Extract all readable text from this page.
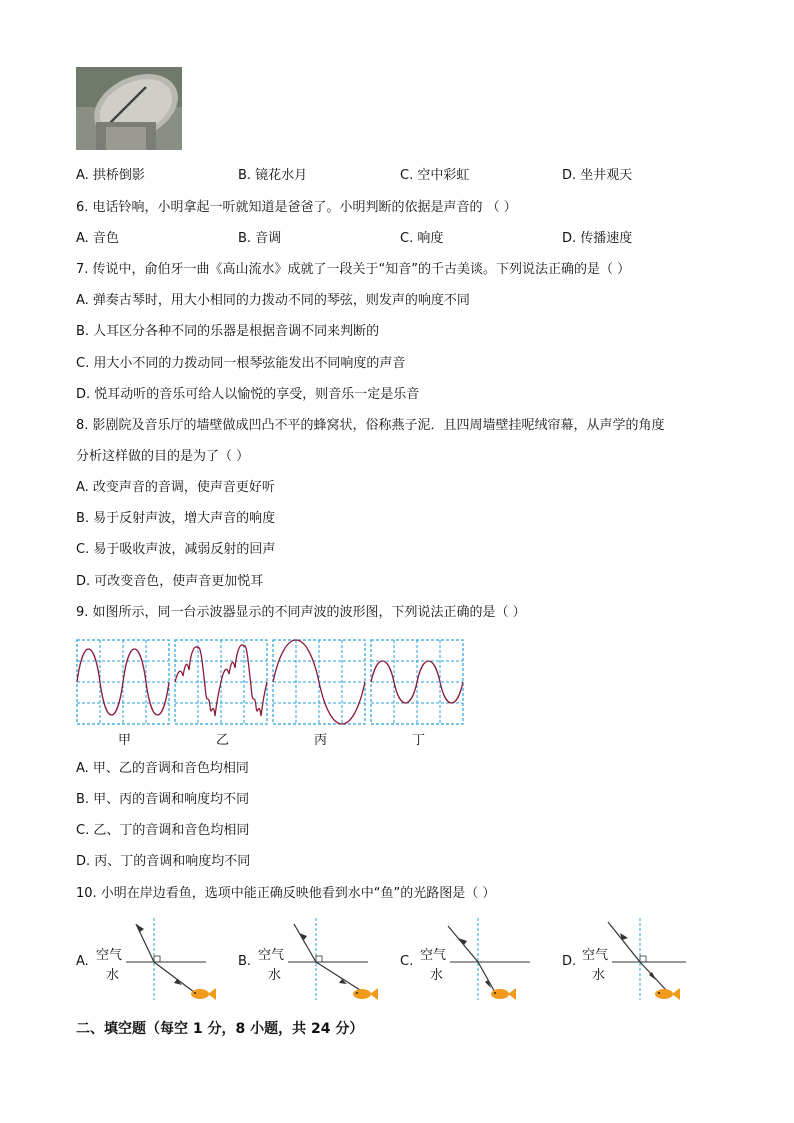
A. 拱桥倒影	B. 镜花水月	C. 空中彩虹	D. 坐井观天
6. 电话铃响，小明拿起一听就知道是爸爸了。小明判断的依据是声音的 （ ）
A. 音色	B. 音调	C. 响度	D. 传播速度
7. 传说中，俞伯牙一曲《高山流水》成就了一段关于“知音”的千古美谈。下列说法正确的是（ ）
A. 弹奏古琴时，用大小相同的力拨动不同的琴弦，则发声的响度不同
B. 人耳区分各种不同的乐器是根据音调不同来判断的
C. 用大小不同的力拨动同一根琴弦能发出不同响度的声音
D. 悦耳动听的音乐可给人以愉悦的享受，则音乐一定是乐音
8. 影剧院及音乐厅的墙壁做成凹凸不平的蜂窝状，俗称燕子泥．且四周墙壁挂呢绒帘幕，从声学的角度
分析这样做的目的是为了（ ）
A. 改变声音的音调，使声音更好听
B. 易于反射声波，增大声音的响度
C. 易于吸收声波，减弱反射的回声
D. 可改变音色，使声音更加悦耳
9. 如图所示，同一台示波器显示的不同声波的波形图，下列说法正确的是（ ）
甲	乙	丙	丁
A. 甲、乙的音调和音色均相同
B. 甲、丙的音调和响度均不同
C. 乙、丁的音调和音色均相同
D. 丙、丁的音调和响度均不同
10. 小明在岸边看鱼，选项中能正确反映他看到水中“鱼”的光路图是（ ）
A. 空气
水
B. 空气
水
C. 空气
水
D. 空气
水
二、填空题（每空 1 分，8 小题，共 24 分）
